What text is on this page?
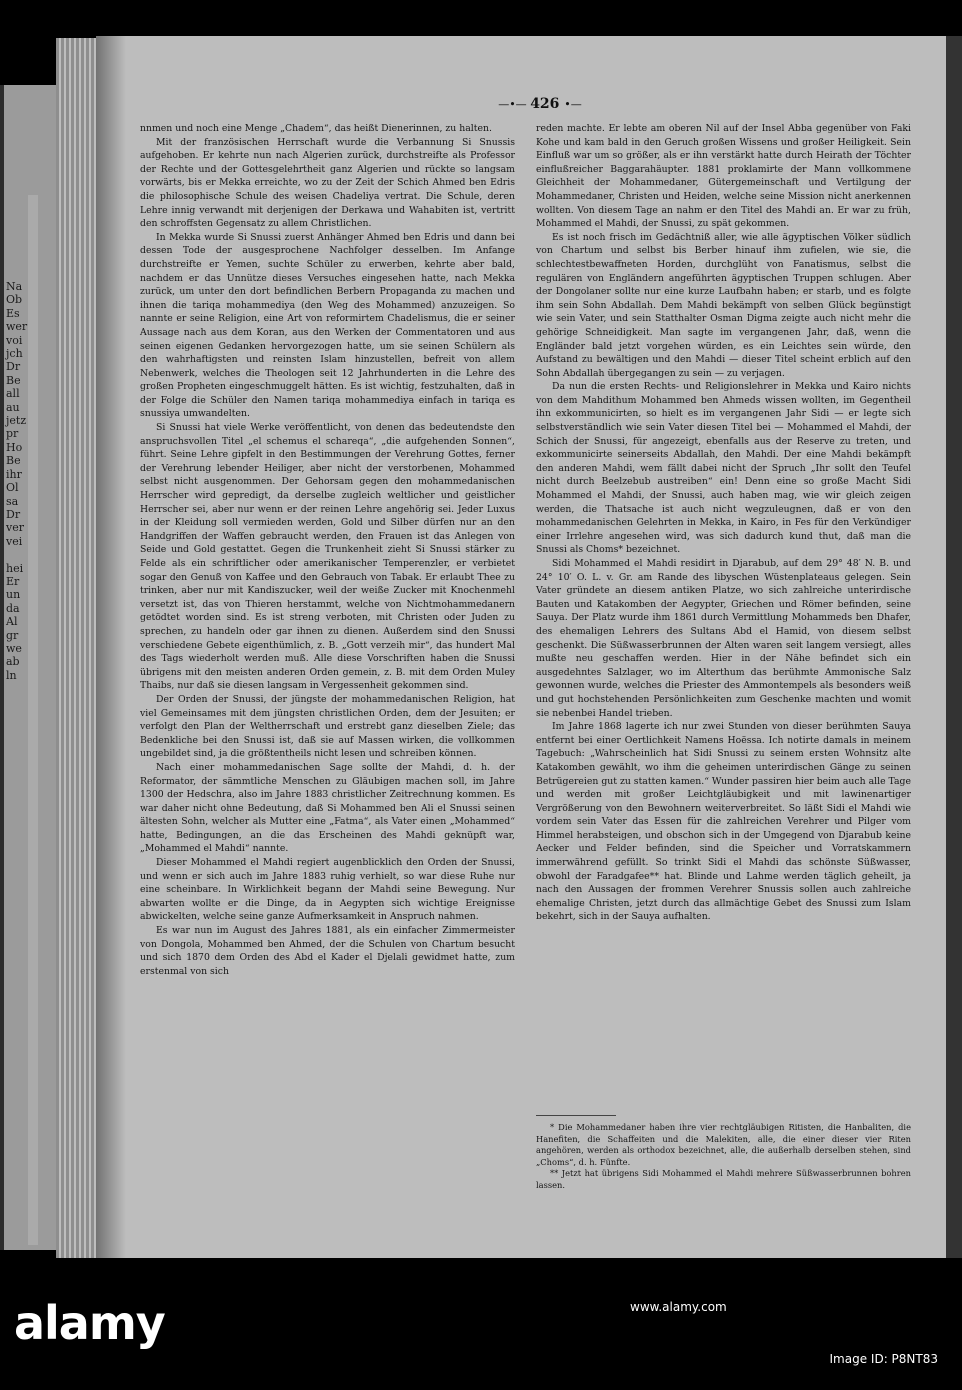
Na
Ob
Es
wer
voi
jch
Dr
Be
all
au
jetz
pr
Ho
Be
ihr
Ol
sa
Dr
ver
vei

hei
Er
un
da
Al
gr
we
ab
ln
—•— 426 •—

nnmen und noch eine Menge „Chadem“, das heißt Dienerinnen, zu halten.

Mit der französischen Herrschaft wurde die Verbannung Si Snussis aufgehoben. Er kehrte nun nach Algerien zurück, durchstreifte als Professor der Rechte und der Gottesgelehrtheit ganz Algerien und rückte so langsam vorwärts, bis er Mekka erreichte, wo zu der Zeit der Schich Ahmed ben Edris die philosophische Schule des weisen Chadeliya vertrat. Die Schule, deren Lehre innig verwandt mit derjenigen der Derkawa und Wahabiten ist, vertritt den schroffsten Gegensatz zu allem Christlichen.

In Mekka wurde Si Snussi zuerst Anhänger Ahmed ben Edris und dann bei dessen Tode der ausgesprochene Nachfolger desselben. Im Anfange durchstreifte er Yemen, suchte Schüler zu erwerben, kehrte aber bald, nachdem er das Unnütze dieses Versuches eingesehen hatte, nach Mekka zurück, um unter den dort befindlichen Berbern Propaganda zu machen und ihnen die tariqa mohammediya (den Weg des Mohammed) anzuzeigen. So nannte er seine Religion, eine Art von reformirtem Chadelismus, die er seiner Aussage nach aus dem Koran, aus den Werken der Commentatoren und aus seinen eigenen Gedanken hervorgezogen hatte, um sie seinen Schülern als den wahrhaftigsten und reinsten Islam hinzustellen, befreit von allem Nebenwerk, welches die Theologen seit 12 Jahrhunderten in die Lehre des großen Propheten eingeschmuggelt hätten. Es ist wichtig, festzuhalten, daß in der Folge die Schüler den Namen tariqa mohammediya einfach in tariqa es snussiya umwandelten.

Si Snussi hat viele Werke veröffentlicht, von denen das bedeutendste den anspruchsvollen Titel „el schemus el schareqa“, „die aufgehenden Sonnen“, führt. Seine Lehre gipfelt in den Bestimmungen der Verehrung Gottes, ferner der Verehrung lebender Heiliger, aber nicht der verstorbenen, Mohammed selbst nicht ausgenommen. Der Gehorsam gegen den mohammedanischen Herrscher wird gepredigt, da derselbe zugleich weltlicher und geistlicher Herrscher sei, aber nur wenn er der reinen Lehre angehörig sei. Jeder Luxus in der Kleidung soll vermieden werden, Gold und Silber dürfen nur an den Handgriffen der Waffen gebraucht werden, den Frauen ist das Anlegen von Seide und Gold gestattet. Gegen die Trunkenheit zieht Si Snussi stärker zu Felde als ein schriftlicher oder amerikanischer Temperenzler, er verbietet sogar den Genuß von Kaffee und den Gebrauch von Tabak. Er erlaubt Thee zu trinken, aber nur mit Kandiszucker, weil der weiße Zucker mit Knochenmehl versetzt ist, das von Thieren herstammt, welche von Nichtmohammedanern getödtet worden sind. Es ist streng verboten, mit Christen oder Juden zu sprechen, zu handeln oder gar ihnen zu dienen. Außerdem sind den Snussi verschiedene Gebete eigenthümlich, z. B. „Gott verzeih mir“, das hundert Mal des Tags wiederholt werden muß. Alle diese Vorschriften haben die Snussi übrigens mit den meisten anderen Orden gemein, z. B. mit dem Orden Muley Thaibs, nur daß sie diesen langsam in Vergessenheit gekommen sind.

Der Orden der Snussi, der jüngste der mohammedanischen Religion, hat viel Gemeinsames mit dem jüngsten christlichen Orden, dem der Jesuiten; er verfolgt den Plan der Weltherrschaft und erstrebt ganz dieselben Ziele; das Bedenkliche bei den Snussi ist, daß sie auf Massen wirken, die vollkommen ungebildet sind, ja die größtentheils nicht lesen und schreiben können.

Nach einer mohammedanischen Sage sollte der Mahdi, d. h. der Reformator, der sämmtliche Menschen zu Gläubigen machen soll, im Jahre 1300 der Hedschra, also im Jahre 1883 christlicher Zeitrechnung kommen. Es war daher nicht ohne Bedeutung, daß Si Mohammed ben Ali el Snussi seinen ältesten Sohn, welcher als Mutter eine „Fatma“, als Vater einen „Mohammed“ hatte, Bedingungen, an die das Erscheinen des Mahdi geknüpft war, „Mohammed el Mahdi“ nannte.

Dieser Mohammed el Mahdi regiert augenblicklich den Orden der Snussi, und wenn er sich auch im Jahre 1883 ruhig verhielt, so war diese Ruhe nur eine scheinbare. In Wirklichkeit begann der Mahdi seine Bewegung. Nur abwarten wollte er die Dinge, da in Aegypten sich wichtige Ereignisse abwickelten, welche seine ganze Aufmerksamkeit in Anspruch nahmen.

Es war nun im August des Jahres 1881, als ein einfacher Zimmermeister von Dongola, Mohammed ben Ahmed, der die Schulen von Chartum besucht und sich 1870 dem Orden des Abd el Kader el Djelali gewidmet hatte, zum erstenmal von sich

reden machte. Er lebte am oberen Nil auf der Insel Abba gegenüber von Faki Kohe und kam bald in den Geruch großen Wissens und großer Heiligkeit. Sein Einfluß war um so größer, als er ihn verstärkt hatte durch Heirath der Töchter einflußreicher Baggarahäupter. 1881 proklamirte der Mann vollkommene Gleichheit der Mohammedaner, Gütergemeinschaft und Vertilgung der Mohammedaner, Christen und Heiden, welche seine Mission nicht anerkennen wollten. Von diesem Tage an nahm er den Titel des Mahdi an. Er war zu früh, Mohammed el Mahdi, der Snussi, zu spät gekommen.

Es ist noch frisch im Gedächtniß aller, wie alle ägyptischen Völker südlich von Chartum und selbst bis Berber hinauf ihm zufielen, wie sie, die schlechtestbewaffneten Horden, durchglüht von Fanatismus, selbst die regulären von Engländern angeführten ägyptischen Truppen schlugen. Aber der Dongolaner sollte nur eine kurze Laufbahn haben; er starb, und es folgte ihm sein Sohn Abdallah. Dem Mahdi bekämpft von selben Glück begünstigt wie sein Vater, und sein Statthalter Osman Digma zeigte auch nicht mehr die gehörige Schneidigkeit. Man sagte im vergangenen Jahr, daß, wenn die Engländer bald jetzt vorgehen würden, es ein Leichtes sein würde, den Aufstand zu bewältigen und den Mahdi — dieser Titel scheint erblich auf den Sohn Abdallah übergegangen zu sein — zu verjagen.

Da nun die ersten Rechts- und Religionslehrer in Mekka und Kairo nichts von dem Mahdithum Mohammed ben Ahmeds wissen wollten, im Gegentheil ihn exkommunicirten, so hielt es im vergangenen Jahr Sidi — er legte sich selbstverständlich wie sein Vater diesen Titel bei — Mohammed el Mahdi, der Schich der Snussi, für angezeigt, ebenfalls aus der Reserve zu treten, und exkommunicirte seinerseits Abdallah, den Mahdi. Der eine Mahdi bekämpft den anderen Mahdi, wem fällt dabei nicht der Spruch „Ihr sollt den Teufel nicht durch Beelzebub austreiben“ ein! Denn eine so große Macht Sidi Mohammed el Mahdi, der Snussi, auch haben mag, wie wir gleich zeigen werden, die Thatsache ist auch nicht wegzuleugnen, daß er von den mohammedanischen Gelehrten in Mekka, in Kairo, in Fes für den Verkündiger einer Irrlehre angesehen wird, was sich dadurch kund thut, daß man die Snussi als Choms* bezeichnet.

Sidi Mohammed el Mahdi residirt in Djarabub, auf dem 29° 48′ N. B. und 24° 10′ O. L. v. Gr. am Rande des libyschen Wüstenplateaus gelegen. Sein Vater gründete an diesem antiken Platze, wo sich zahlreiche unterirdische Bauten und Katakomben der Aegypter, Griechen und Römer befinden, seine Sauya. Der Platz wurde ihm 1861 durch Vermittlung Mohammeds ben Dhafer, des ehemaligen Lehrers des Sultans Abd el Hamid, von diesem selbst geschenkt. Die Süßwasserbrunnen der Alten waren seit langem versiegt, alles mußte neu geschaffen werden. Hier in der Nähe befindet sich ein ausgedehntes Salzlager, wo im Alterthum das berühmte Ammonische Salz gewonnen wurde, welches die Priester des Ammontempels als besonders weiß und gut hochstehenden Persönlichkeiten zum Geschenke machten und womit sie nebenbei Handel trieben.

Im Jahre 1868 lagerte ich nur zwei Stunden von dieser berühmten Sauya entfernt bei einer Oertlichkeit Namens Hoëssa. Ich notirte damals in meinem Tagebuch: „Wahrscheinlich hat Sidi Snussi zu seinem ersten Wohnsitz alte Katakomben gewählt, wo ihm die geheimen unterirdischen Gänge zu seinen Betrügereien gut zu statten kamen.“ Wunder passiren hier beim auch alle Tage und werden mit großer Leichtgläubigkeit und mit lawinenartiger Vergrößerung von den Bewohnern weiterverbreitet. So läßt Sidi el Mahdi wie vordem sein Vater das Essen für die zahlreichen Verehrer und Pilger vom Himmel herabsteigen, und obschon sich in der Umgegend von Djarabub keine Aecker und Felder befinden, sind die Speicher und Vorratskammern immerwährend gefüllt. So trinkt Sidi el Mahdi das schönste Süßwasser, obwohl der Faradgafee** hat. Blinde und Lahme werden täglich geheilt, ja nach den Aussagen der frommen Verehrer Snussis sollen auch zahlreiche ehemalige Christen, jetzt durch das allmächtige Gebet des Snussi zum Islam bekehrt, sich in der Sauya aufhalten.

* Die Mohammedaner haben ihre vier rechtgläubigen Ritisten, die Hanbaliten, die Hanefiten, die Schaffeiten und die Malekiten, alle, die einer dieser vier Riten angehören, werden als orthodox bezeichnet, alle, die außerhalb derselben stehen, sind „Choms“, d. h. Fünfte.

** Jetzt hat übrigens Sidi Mohammed el Mahdi mehrere Süßwasserbrunnen bohren lassen.

alamy	www.alamy.com
Image ID: P8NT83
